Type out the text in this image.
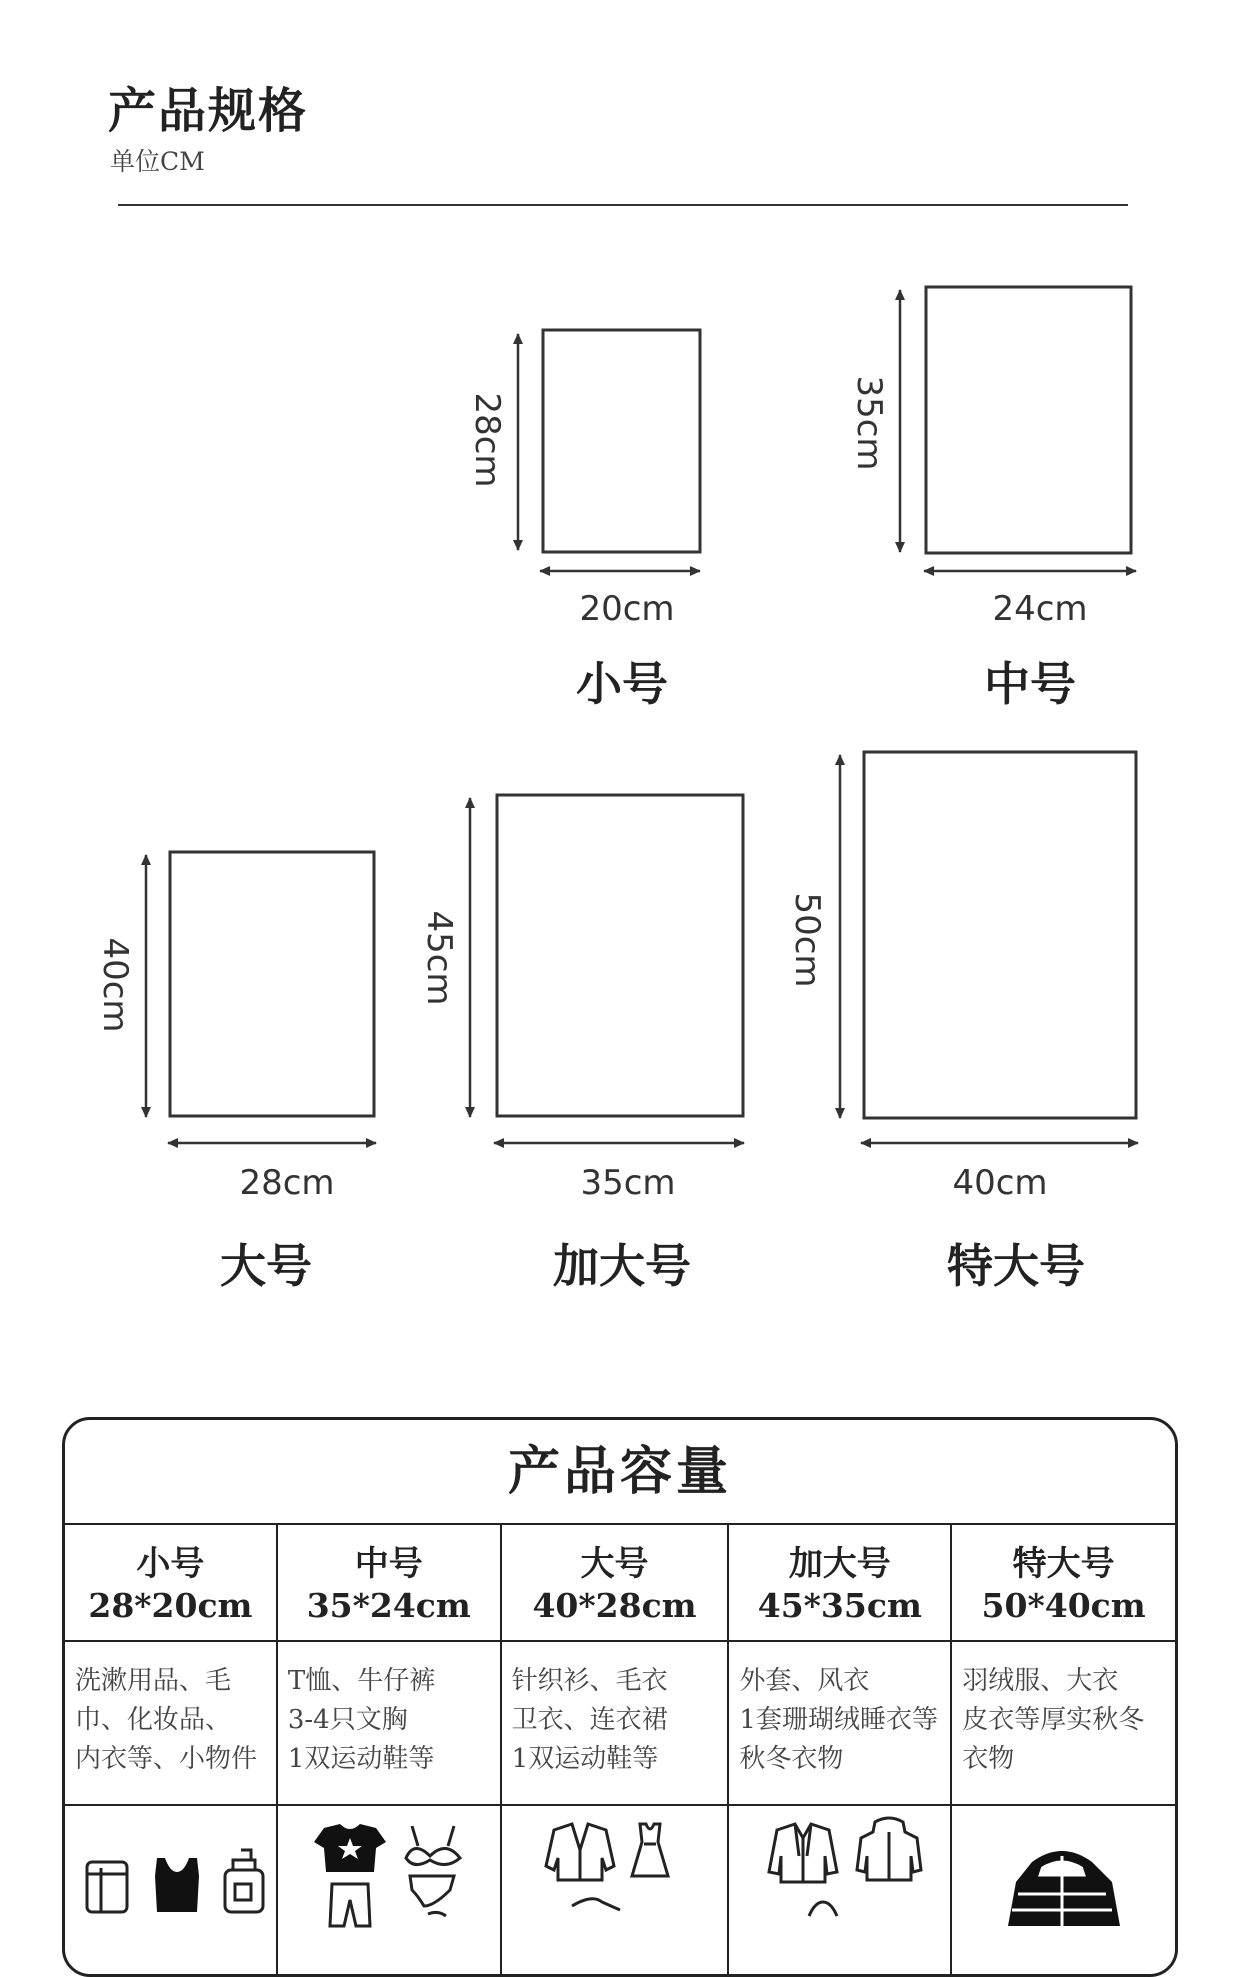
产品规格
单位CM
28cm
20cm
小号
35cm
24cm
中号
40cm
28cm
大号
45cm
35cm
加大号
50cm
40cm
特大号
产品容量
小号
28*20cm
中号
35*24cm
大号
40*28cm
加大号
45*35cm
特大号
50*40cm
洗漱用品、毛
巾、化妆品、
内衣等、小物件
T恤、牛仔裤
3-4只文胸
1双运动鞋等
针织衫、毛衣
卫衣、连衣裙
1双运动鞋等
外套、风衣
1套珊瑚绒睡衣等
秋冬衣物
羽绒服、大衣
皮衣等厚实秋冬
衣物
